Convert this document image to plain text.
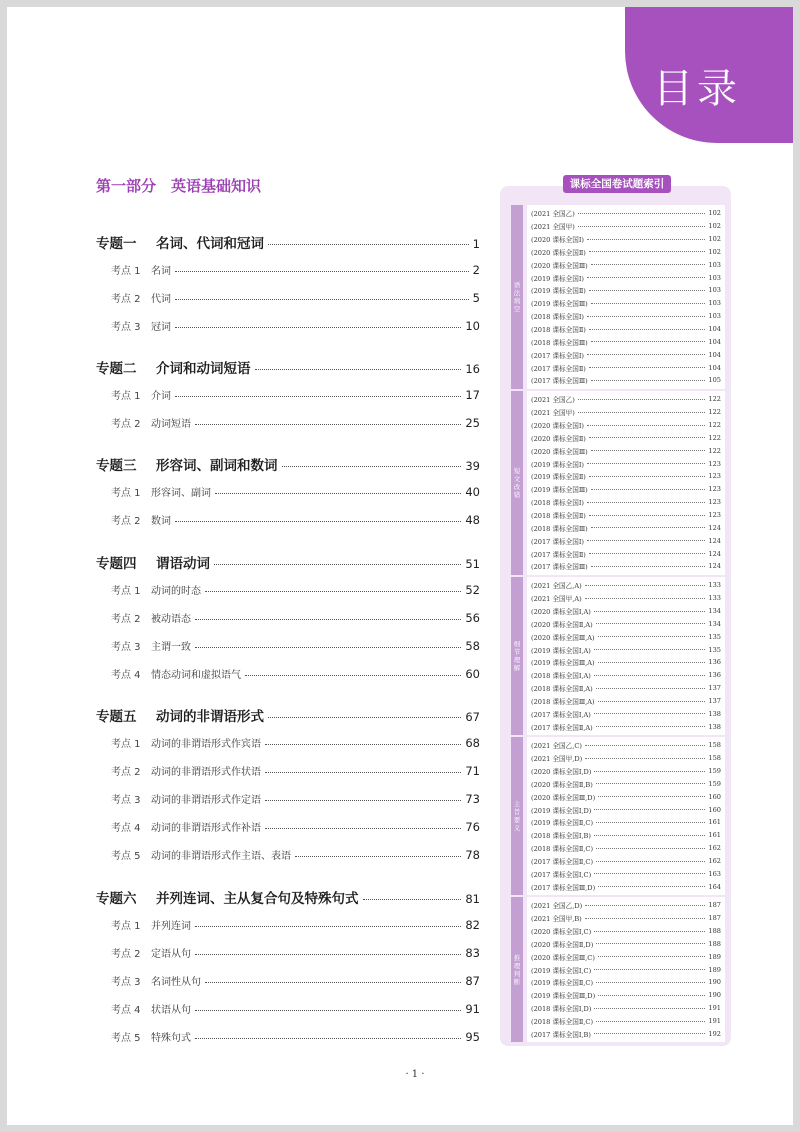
目录
第一部分　英语基础知识	课标全国卷试题索引
· 1 ·
专题一 名词、代词和冠词	1
考点 1 名词	2
考点 2 代词	5
考点 3 冠词	10
专题二 介词和动词短语	16
考点 1 介词	17
考点 2 动词短语	25
专题三 形容词、副词和数词	39
考点 1 形容词、副词	40
考点 2 数词	48
专题四 谓语动词	51
考点 1 动词的时态	52
考点 2 被动语态	56
考点 3 主谓一致	58
考点 4 情态动词和虚拟语气	60
专题五 动词的非谓语形式	67
考点 1 动词的非谓语形式作宾语	68
考点 2 动词的非谓语形式作状语	71
考点 3 动词的非谓语形式作定语	73
考点 4 动词的非谓语形式作补语	76
考点 5 动词的非谓语形式作主语、表语	78
专题六 并列连词、主从复合句及特殊句式	81
考点 1 并列连词	82
考点 2 定语从句	83
考点 3 名词性从句	87
考点 4 状语从句	91
考点 5 特殊句式	95
语法填空
(2021 全国乙)	102
(2021 全国甲)	102
(2020 课标全国Ⅰ)	102
(2020 课标全国Ⅱ)	102
(2020 课标全国Ⅲ)	103
(2019 课标全国Ⅰ)	103
(2019 课标全国Ⅱ)	103
(2019 课标全国Ⅲ)	103
(2018 课标全国Ⅰ)	103
(2018 课标全国Ⅱ)	104
(2018 课标全国Ⅲ)	104
(2017 课标全国Ⅰ)	104
(2017 课标全国Ⅱ)	104
(2017 课标全国Ⅲ)	105
短文改错
(2021 全国乙)	122
(2021 全国甲)	122
(2020 课标全国Ⅰ)	122
(2020 课标全国Ⅱ)	122
(2020 课标全国Ⅲ)	122
(2019 课标全国Ⅰ)	123
(2019 课标全国Ⅱ)	123
(2019 课标全国Ⅲ)	123
(2018 课标全国Ⅰ)	123
(2018 课标全国Ⅱ)	123
(2018 课标全国Ⅲ)	124
(2017 课标全国Ⅰ)	124
(2017 课标全国Ⅱ)	124
(2017 课标全国Ⅲ)	124
细节理解
(2021 全国乙,A)	133
(2021 全国甲,A)	133
(2020 课标全国Ⅰ,A)	134
(2020 课标全国Ⅱ,A)	134
(2020 课标全国Ⅲ,A)	135
(2019 课标全国Ⅰ,A)	135
(2019 课标全国Ⅲ,A)	136
(2018 课标全国Ⅰ,A)	136
(2018 课标全国Ⅱ,A)	137
(2018 课标全国Ⅲ,A)	137
(2017 课标全国Ⅰ,A)	138
(2017 课标全国Ⅱ,A)	138
主旨要义
(2021 全国乙,C)	158
(2021 全国甲,D)	158
(2020 课标全国Ⅰ,D)	159
(2020 课标全国Ⅱ,B)	159
(2020 课标全国Ⅲ,D)	160
(2019 课标全国Ⅰ,D)	160
(2019 课标全国Ⅱ,C)	161
(2018 课标全国Ⅰ,B)	161
(2018 课标全国Ⅱ,C)	162
(2017 课标全国Ⅱ,C)	162
(2017 课标全国Ⅰ,C)	163
(2017 课标全国Ⅲ,D)	164
推理判断
(2021 全国乙,D)	187
(2021 全国甲,B)	187
(2020 课标全国Ⅰ,C)	188
(2020 课标全国Ⅱ,D)	188
(2020 课标全国Ⅲ,C)	189
(2019 课标全国Ⅰ,C)	189
(2019 课标全国Ⅱ,C)	190
(2019 课标全国Ⅲ,D)	190
(2018 课标全国Ⅰ,D)	191
(2018 课标全国Ⅱ,C)	191
(2017 课标全国Ⅰ,B)	192
